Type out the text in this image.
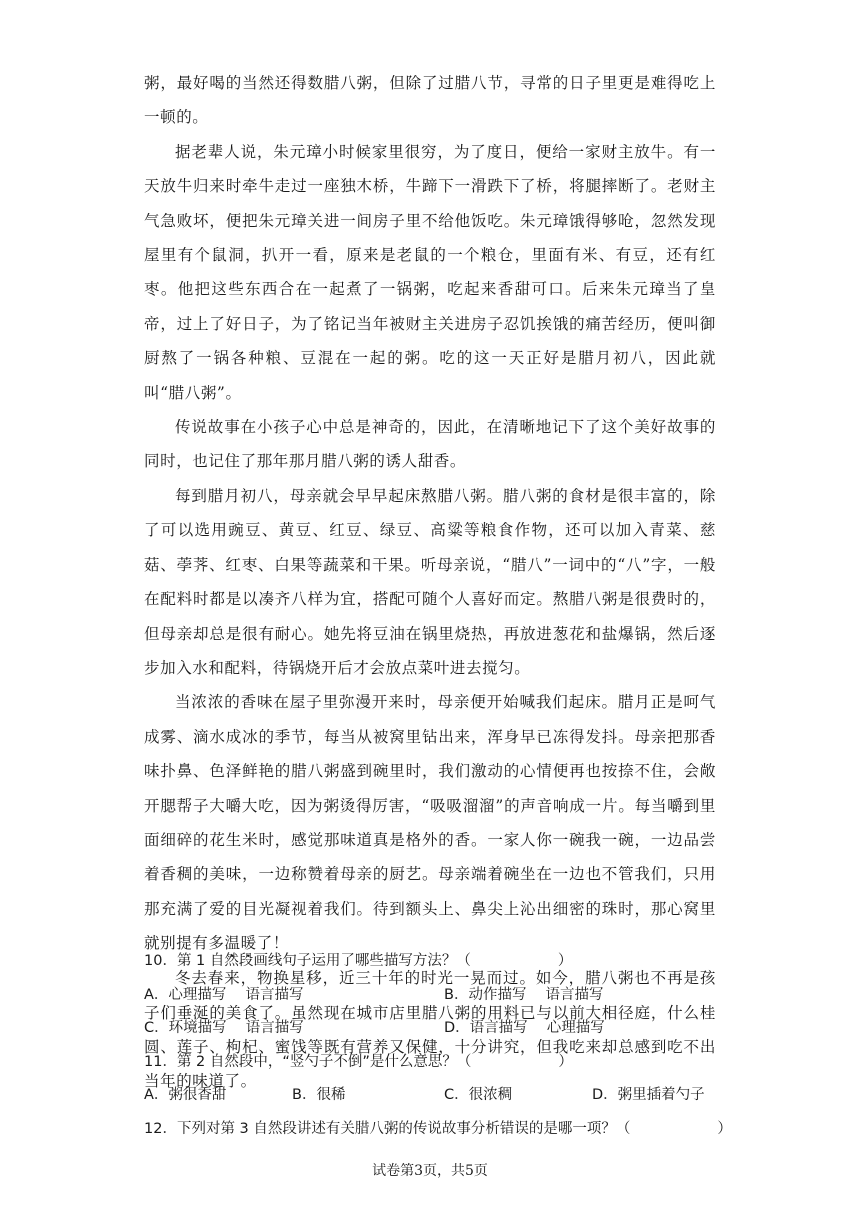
粥，最好喝的当然还得数腊八粥，但除了过腊八节，寻常的日子里更是难得吃上一顿的。

据老辈人说，朱元璋小时候家里很穷，为了度日，便给一家财主放牛。有一天放牛归来时牵牛走过一座独木桥，牛蹄下一滑跌下了桥，将腿摔断了。老财主气急败坏，便把朱元璋关进一间房子里不给他饭吃。朱元璋饿得够呛，忽然发现屋里有个鼠洞，扒开一看，原来是老鼠的一个粮仓，里面有米、有豆，还有红枣。他把这些东西合在一起煮了一锅粥，吃起来香甜可口。后来朱元璋当了皇帝，过上了好日子，为了铭记当年被财主关进房子忍饥挨饿的痛苦经历，便叫御厨熬了一锅各种粮、豆混在一起的粥。吃的这一天正好是腊月初八，因此就叫“腊八粥”。

传说故事在小孩子心中总是神奇的，因此，在清晰地记下了这个美好故事的同时，也记住了那年那月腊八粥的诱人甜香。

每到腊月初八，母亲就会早早起床熬腊八粥。腊八粥的食材是很丰富的，除了可以选用豌豆、黄豆、红豆、绿豆、高粱等粮食作物，还可以加入青菜、慈菇、荸荠、红枣、白果等蔬菜和干果。听母亲说，“腊八”一词中的“八”字，一般在配料时都是以凑齐八样为宜，搭配可随个人喜好而定。熬腊八粥是很费时的，但母亲却总是很有耐心。她先将豆油在锅里烧热，再放进葱花和盐爆锅，然后逐步加入水和配料，待锅烧开后才会放点菜叶进去搅匀。

当浓浓的香味在屋子里弥漫开来时，母亲便开始喊我们起床。腊月正是呵气成雾、滴水成冰的季节，每当从被窝里钻出来，浑身早已冻得发抖。母亲把那香味扑鼻、色泽鲜艳的腊八粥盛到碗里时，我们激动的心情便再也按捺不住，会敞开腮帮子大嚼大吃，因为粥烫得厉害，“吸吸溜溜”的声音响成一片。每当嚼到里面细碎的花生米时，感觉那味道真是格外的香。一家人你一碗我一碗，一边品尝着香稠的美味，一边称赞着母亲的厨艺。母亲端着碗坐在一边也不管我们，只用那充满了爱的目光凝视着我们。待到额头上、鼻尖上沁出细密的珠时，那心窝里就别提有多温暖了！

冬去春来，物换星移，近三十年的时光一晃而过。如今，腊八粥也不再是孩子们垂涎的美食了。虽然现在城市店里腊八粥的用料已与以前大相径庭，什么桂圆、莲子、枸杞、蜜饯等既有营养又保健，十分讲究，但我吃来却总感到吃不出当年的味道了。

10．第 1 自然段画线句子运用了哪些描写方法？（　　　　　　）
A．心理描写　 语言描写	B．动作描写　 语言描写
C．环境描写　 语言描写	D．语言描写　 心理描写
11．第 2 自然段中，“竖勺子不倒”是什么意思？（　　　　　　）
A．粥很香甜	B．很稀	C．很浓稠	D．粥里插着勺子
12．下列对第 3 自然段讲述有关腊八粥的传说故事分析错误的是哪一项？（　　　　　　）
试卷第3页，共5页
